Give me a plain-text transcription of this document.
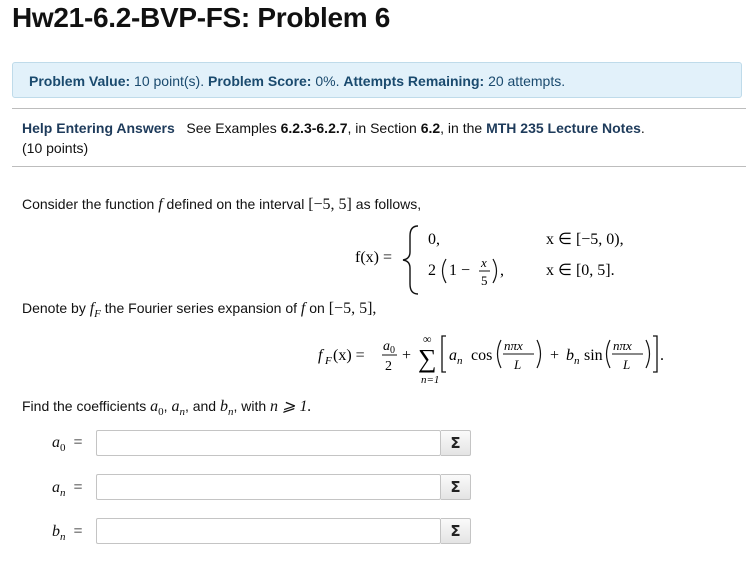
Hw21-6.2-BVP-FS: Problem 6
Problem Value: 10 point(s). Problem Score: 0%. Attempts Remaining: 20 attempts.
Help Entering Answers See Examples 6.2.3-6.2.7, in Section 6.2, in the MTH 235 Lecture Notes.
(10 points)
Consider the function f defined on the interval [−5, 5] as follows,
f(x) =
0,
2 1 − x
5
,
x ∈ [−5, 0),
x ∈ [0, 5].
f F (x) =
a 0
2
+
∞
∑
n=1
a n cos
nπx
L
+ b n sin
nπx
L
.
Denote by $f_F$ the Fourier series expansion of f on [−5, 5],
Find the coefficients $a_0$, $a_n$, and $b_n$, with n ⩾ 1.
$a_0$ =	Σ
$a_n$ =	Σ
$b_n$ =	Σ
